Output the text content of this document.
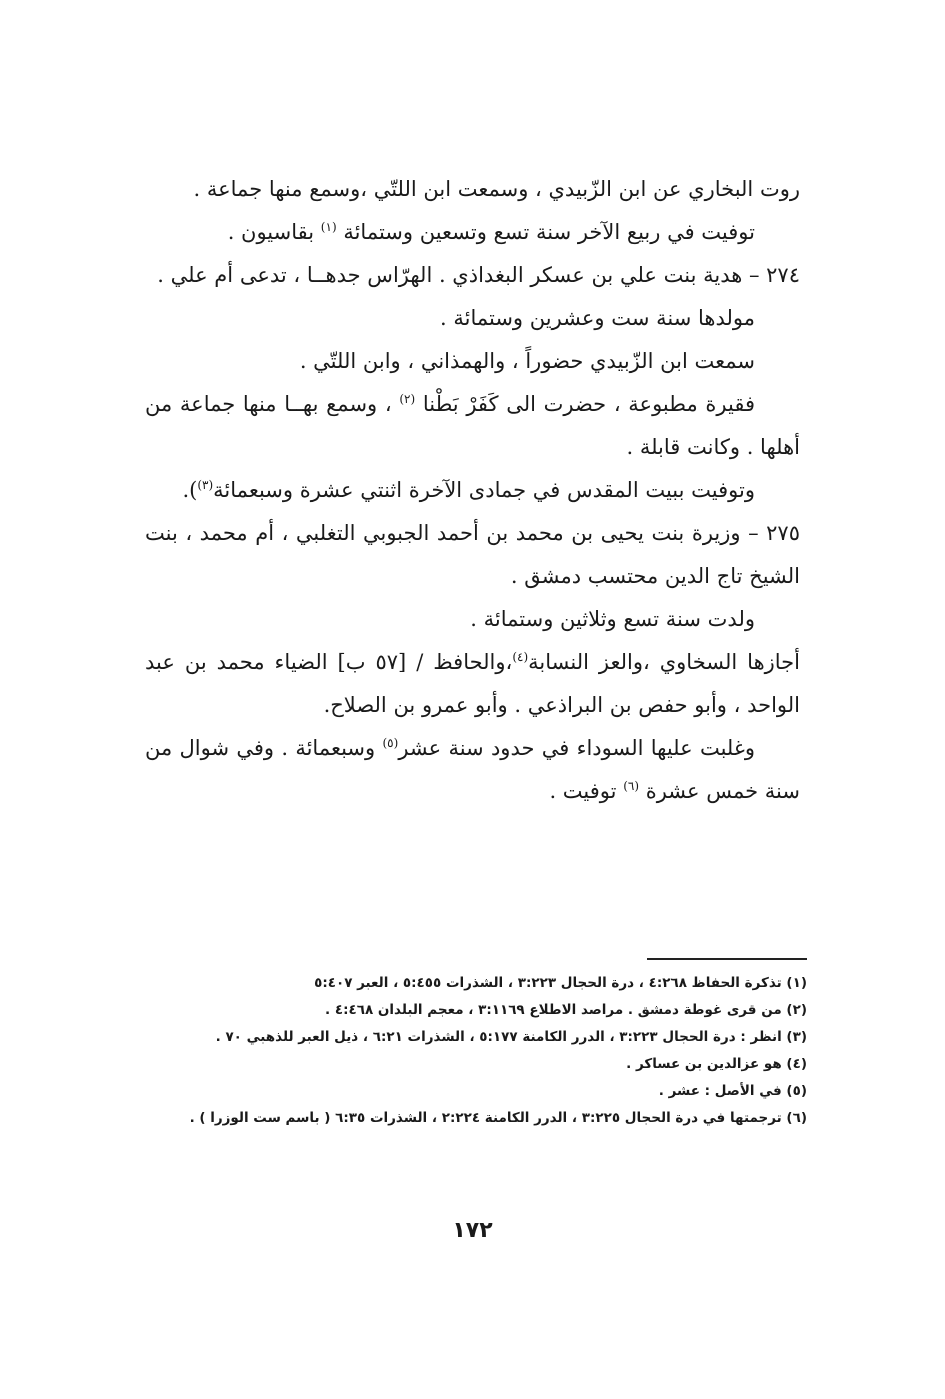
روت البخاري عن ابن الزّبيدي ، وسمعت ابن اللتّي ،وسمع منها جماعة .

توفيت في ربيع الآخر سنة تسع وتسعين وستمائة $^{(١)}$ بقاسيون .

٢٧٤ – هدية بنت علي بن عسكر البغداذي . الهرّاس جدهــا ، تدعى أم علي .

مولدها سنة ست وعشرين وستمائة .

سمعت ابن الزّبيدي حضوراً ، والهمذاني ، وابن اللتّي .

فقيرة مطبوعة ، حضرت الى كَفَرْ بَطْنا $^{(٢)}$ ، وسمع بهــا منها جماعة من أهلها . وكانت قابلة .

وتوفيت ببيت المقدس في جمادى الآخرة اثنتي عشرة وسبعمائة$^{(٣)}$).

٢٧٥ – وزيرة بنت يحيى بن محمد بن أحمد الجبوبي التغلبي ، أم محمد ، بنت الشيخ تاج الدين محتسب دمشق .

ولدت سنة تسع وثلاثين وستمائة .

أجازها السخاوي ،والعز النسابة$^{(٤)}$،والحافظ / [٥٧ ب] الضياء محمد بن عبد الواحد ، وأبو حفص بن البراذعي . وأبو عمرو بن الصلاح.

وغلبت عليها السوداء في حدود سنة عشر$^{(٥)}$ وسبعمائة . وفي شوال من سنة خمس عشرة $^{(٦)}$ توفيت .

(١) تذكرة الحفاظ ٤:٢٦٨ ، درة الحجال ٣:٢٢٣ ، الشذرات ٥:٤٥٥ ، العبر ٥:٤٠٧

(٢) من قرى غوطة دمشق . مراصد الاطلاع ٣:١١٦٩ ، معجم البلدان ٤:٤٦٨ .

(٣) انظر : درة الحجال ٣:٢٢٣ ، الدرر الكامنة ٥:١٧٧ ، الشذرات ٦:٢١ ، ذيل العبر للذهبي ٧٠ .

(٤) هو عزالدين بن عساكر .

(٥) في الأصل : عشر .

(٦) ترجمتها في درة الحجال ٣:٢٢٥ ، الدرر الكامنة ٢:٢٢٤ ، الشذرات ٦:٣٥ ( باسم ست الوزرا ) .

١٧٢
